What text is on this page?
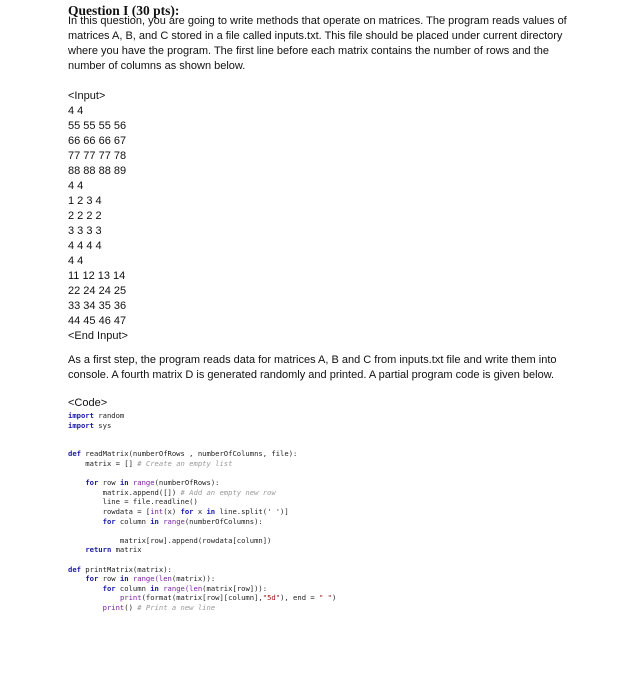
Question I (30 pts):
In this question, you are going to write methods that operate on matrices. The program reads values of
matrices A, B, and C stored in a file called inputs.txt. This file should be placed under current directory
where you have the program. The first line before each matrix contains the number of rows and the
number of columns as shown below.
<Input>
4 4
55 55 55 56
66 66 66 67
77 77 77 78
88 88 88 89
4 4
1 2 3 4
2 2 2 2
3 3 3 3
4 4 4 4
4 4
11 12 13 14
22 24 24 25
33 34 35 36
44 45 46 47
<End Input>
As a first step, the program reads data for matrices A, B and C from inputs.txt file and write them into
console. A fourth matrix D is generated randomly and printed. A partial program code is given below.
<Code>
import random
import sys
def readMatrix(numberOfRows , numberOfColumns, file):
matrix = [] # Create an empty list
for row in range(numberOfRows):
matrix.append([]) # Add an empty new row
line = file.readline()
rowdata = [int(x) for x in line.split(' ')]
for column in range(numberOfColumns):
matrix[row].append(rowdata[column])
return matrix
def printMatrix(matrix):
for row in range(len(matrix)):
for column in range(len(matrix[row])):
print(format(matrix[row][column],"5d"), end = " ")
print() # Print a new line
